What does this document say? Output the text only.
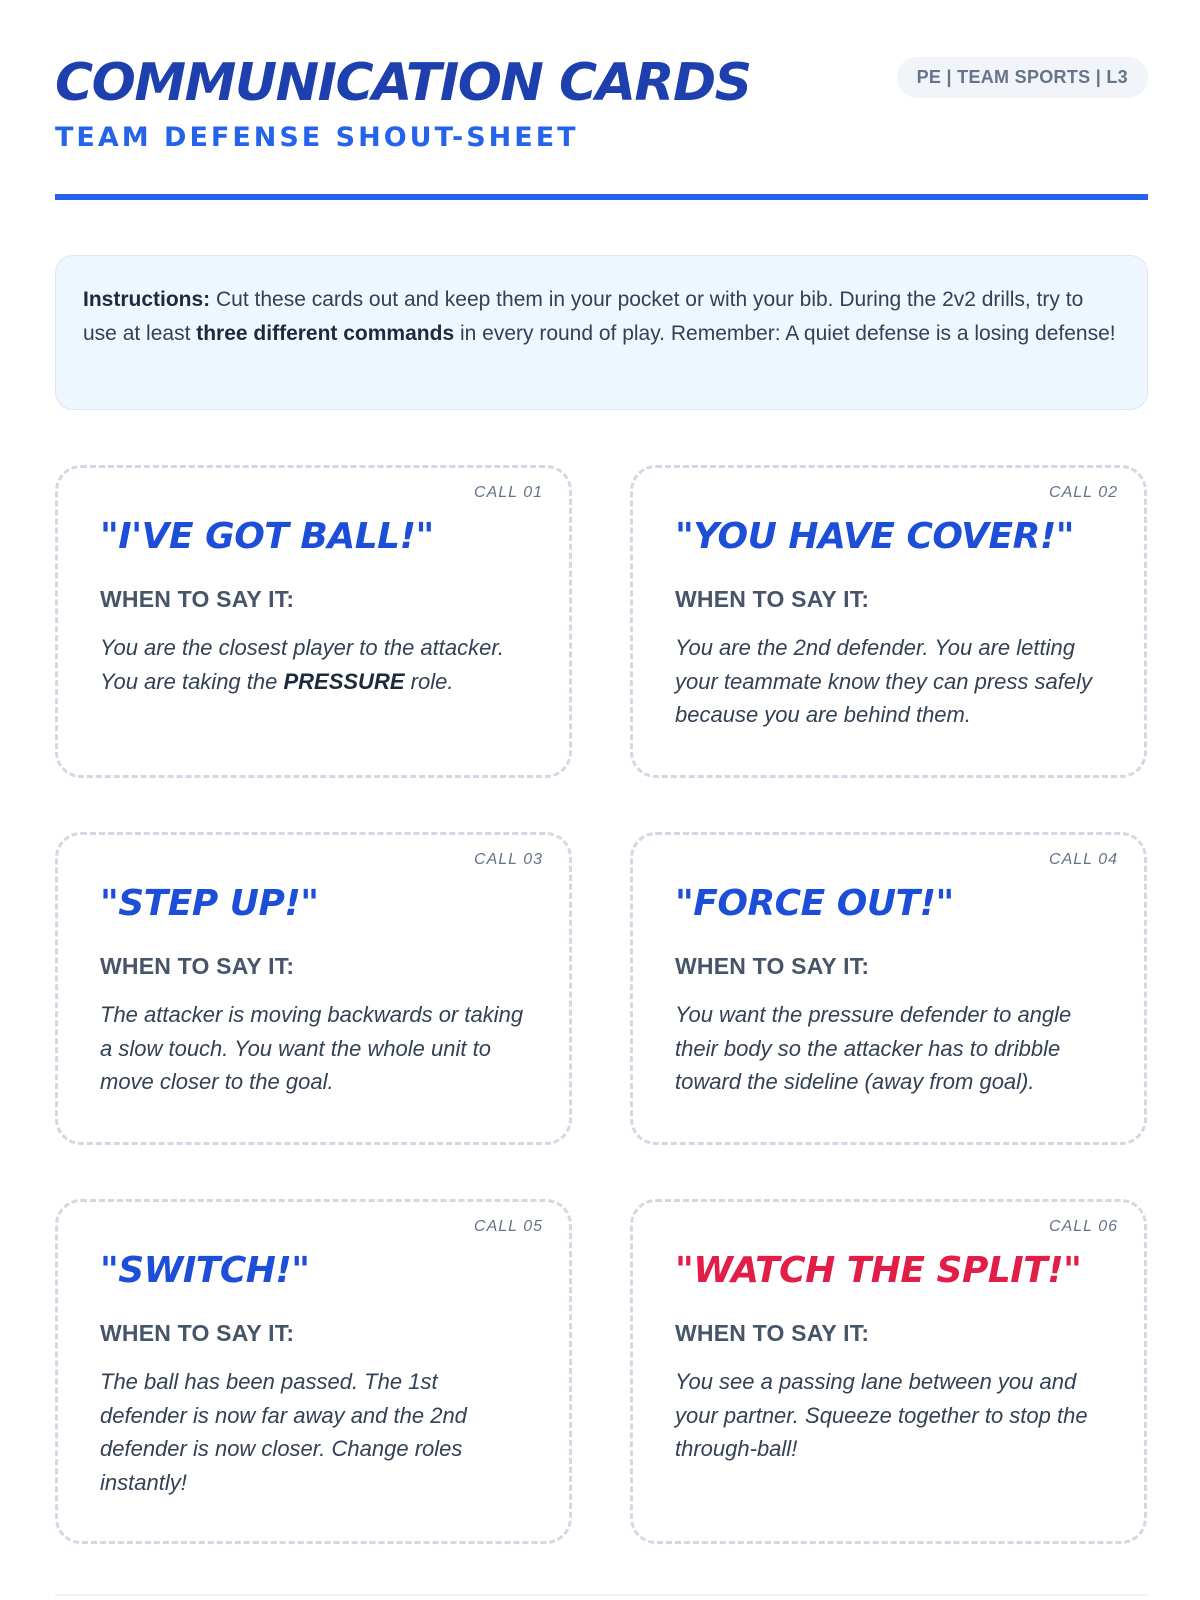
COMMUNICATION CARDS
TEAM DEFENSE SHOUT-SHEET
PE | TEAM SPORTS | L3
Instructions: Cut these cards out and keep them in your pocket or with your bib. During the 2v2 drills, try to use at least three different commands in every round of play. Remember: A quiet defense is a losing defense!
CALL 01
"I'VE GOT BALL!"
WHEN TO SAY IT:
You are the closest player to the attacker. You are taking the PRESSURE role.
CALL 02
"YOU HAVE COVER!"
WHEN TO SAY IT:
You are the 2nd defender. You are letting your teammate know they can press safely because you are behind them.
CALL 03
"STEP UP!"
WHEN TO SAY IT:
The attacker is moving backwards or taking a slow touch. You want the whole unit to move closer to the goal.
CALL 04
"FORCE OUT!"
WHEN TO SAY IT:
You want the pressure defender to angle their body so the attacker has to dribble toward the sideline (away from goal).
CALL 05
"SWITCH!"
WHEN TO SAY IT:
The ball has been passed. The 1st defender is now far away and the 2nd defender is now closer. Change roles instantly!
CALL 06
"WATCH THE SPLIT!"
WHEN TO SAY IT:
You see a passing lane between you and your partner. Squeeze together to stop the through-ball!
